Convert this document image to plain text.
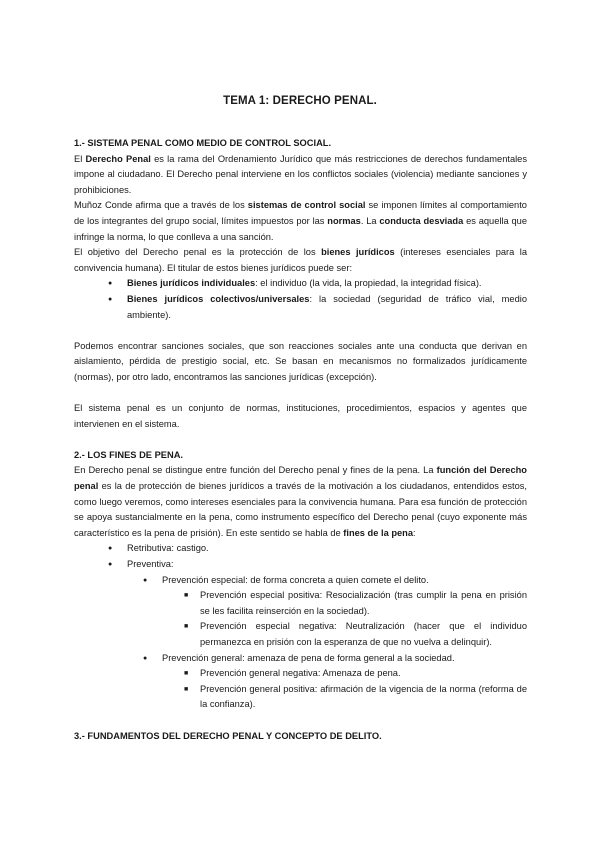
TEMA 1: DERECHO PENAL.
1.- SISTEMA PENAL COMO MEDIO DE CONTROL SOCIAL.
El Derecho Penal es la rama del Ordenamiento Jurídico que más restricciones de derechos fundamentales impone al ciudadano. El Derecho penal interviene en los conflictos sociales (violencia) mediante sanciones y prohibiciones.
Muñoz Conde afirma que a través de los sistemas de control social se imponen límites al comportamiento de los integrantes del grupo social, límites impuestos por las normas. La conducta desviada es aquella que infringe la norma, lo que conlleva a una sanción.
El objetivo del Derecho penal es la protección de los bienes jurídicos (intereses esenciales para la convivencia humana). El titular de estos bienes jurídicos puede ser:
● Bienes jurídicos individuales: el individuo (la vida, la propiedad, la integridad física).
● Bienes jurídicos colectivos/universales: la sociedad (seguridad de tráfico vial, medio ambiente).
Podemos encontrar sanciones sociales, que son reacciones sociales ante una conducta que derivan en aislamiento, pérdida de prestigio social, etc. Se basan en mecanismos no formalizados jurídicamente (normas), por otro lado, encontramos las sanciones jurídicas (excepción).
El sistema penal es un conjunto de normas, instituciones, procedimientos, espacios y agentes que intervienen en el sistema.
2.- LOS FINES DE PENA.
En Derecho penal se distingue entre función del Derecho penal y fines de la pena. La función del Derecho penal es la de protección de bienes jurídicos a través de la motivación a los ciudadanos, entendidos estos, como luego veremos, como intereses esenciales para la convivencia humana. Para esa función de protección se apoya sustancialmente en la pena, como instrumento específico del Derecho penal (cuyo exponente más característico es la pena de prisión). En este sentido se habla de fines de la pena:
● Retributiva: castigo.
● Preventiva:
● Prevención especial: de forma concreta a quien comete el delito.
■ Prevención especial positiva: Resocialización (tras cumplir la pena en prisión se les facilita reinserción en la sociedad).
■ Prevención especial negativa: Neutralización (hacer que el individuo permanezca en prisión con la esperanza de que no vuelva a delinquir).
● Prevención general: amenaza de pena de forma general a la sociedad.
■ Prevención general negativa: Amenaza de pena.
■ Prevención general positiva: afirmación de la vigencia de la norma (reforma de la confianza).
3.- FUNDAMENTOS DEL DERECHO PENAL Y CONCEPTO DE DELITO.
